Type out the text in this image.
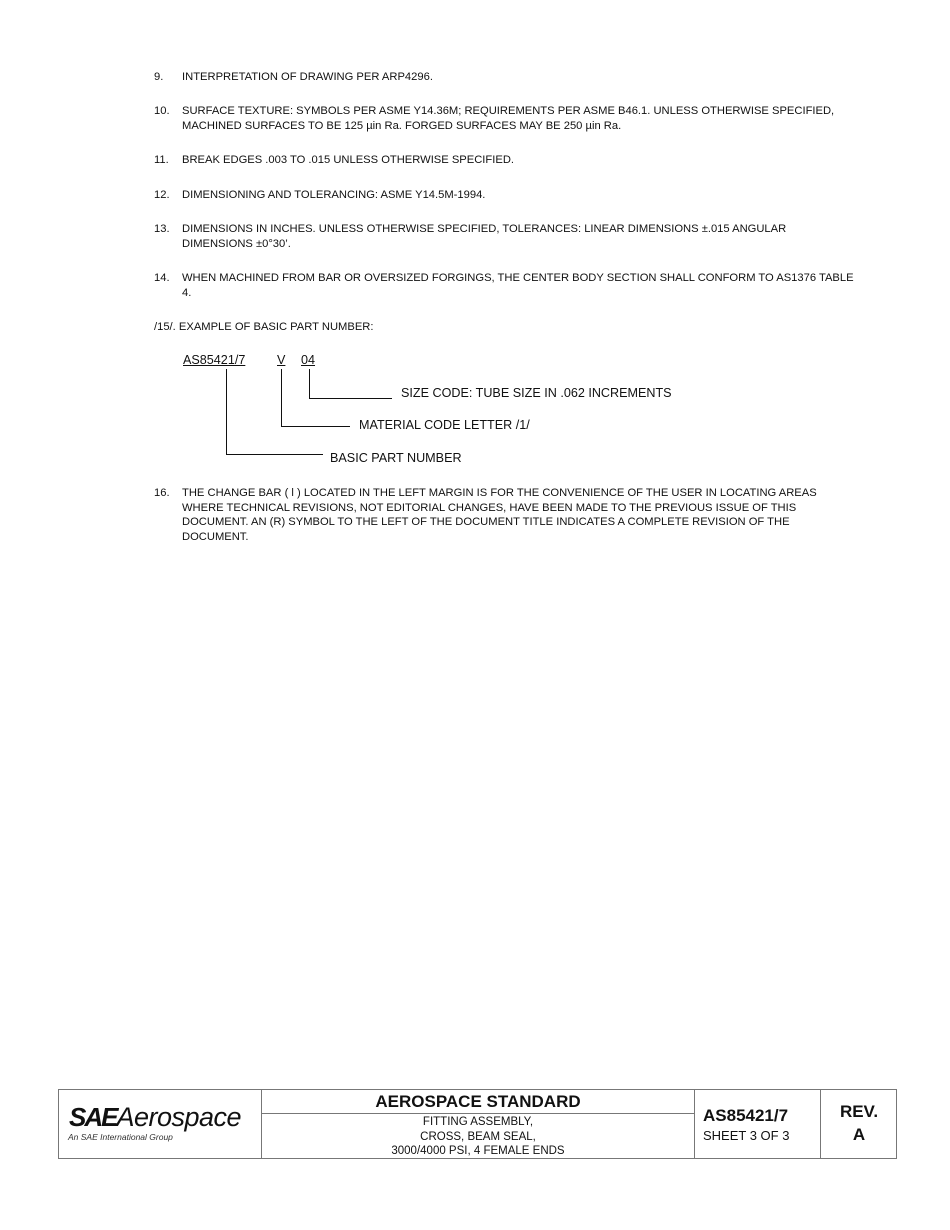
9. INTERPRETATION OF DRAWING PER ARP4296.
10. SURFACE TEXTURE: SYMBOLS PER ASME Y14.36M; REQUIREMENTS PER ASME B46.1. UNLESS OTHERWISE SPECIFIED, MACHINED SURFACES TO BE 125 µin Ra. FORGED SURFACES MAY BE 250 µin Ra.
11. BREAK EDGES .003 TO .015 UNLESS OTHERWISE SPECIFIED.
12. DIMENSIONING AND TOLERANCING: ASME Y14.5M-1994.
13. DIMENSIONS IN INCHES. UNLESS OTHERWISE SPECIFIED, TOLERANCES: LINEAR DIMENSIONS ±.015 ANGULAR DIMENSIONS ±0°30’.
14. WHEN MACHINED FROM BAR OR OVERSIZED FORGINGS, THE CENTER BODY SECTION SHALL CONFORM TO AS1376 TABLE 4.
/15/. EXAMPLE OF BASIC PART NUMBER:
AS85421/7	V 04
SIZE CODE: TUBE SIZE IN .062 INCREMENTS
MATERIAL CODE LETTER /1/
BASIC PART NUMBER
16. THE CHANGE BAR ( l ) LOCATED IN THE LEFT MARGIN IS FOR THE CONVENIENCE OF THE USER IN LOCATING AREAS WHERE TECHNICAL REVISIONS, NOT EDITORIAL CHANGES, HAVE BEEN MADE TO THE PREVIOUS ISSUE OF THIS DOCUMENT. AN (R) SYMBOL TO THE LEFT OF THE DOCUMENT TITLE INDICATES A COMPLETE REVISION OF THE DOCUMENT.
SAEAerospace
An SAE International Group
AEROSPACE STANDARD
FITTING ASSEMBLY,
CROSS, BEAM SEAL,
3000/4000 PSI, 4 FEMALE ENDS
AS85421/7
SHEET 3 OF 3
REV.
A
